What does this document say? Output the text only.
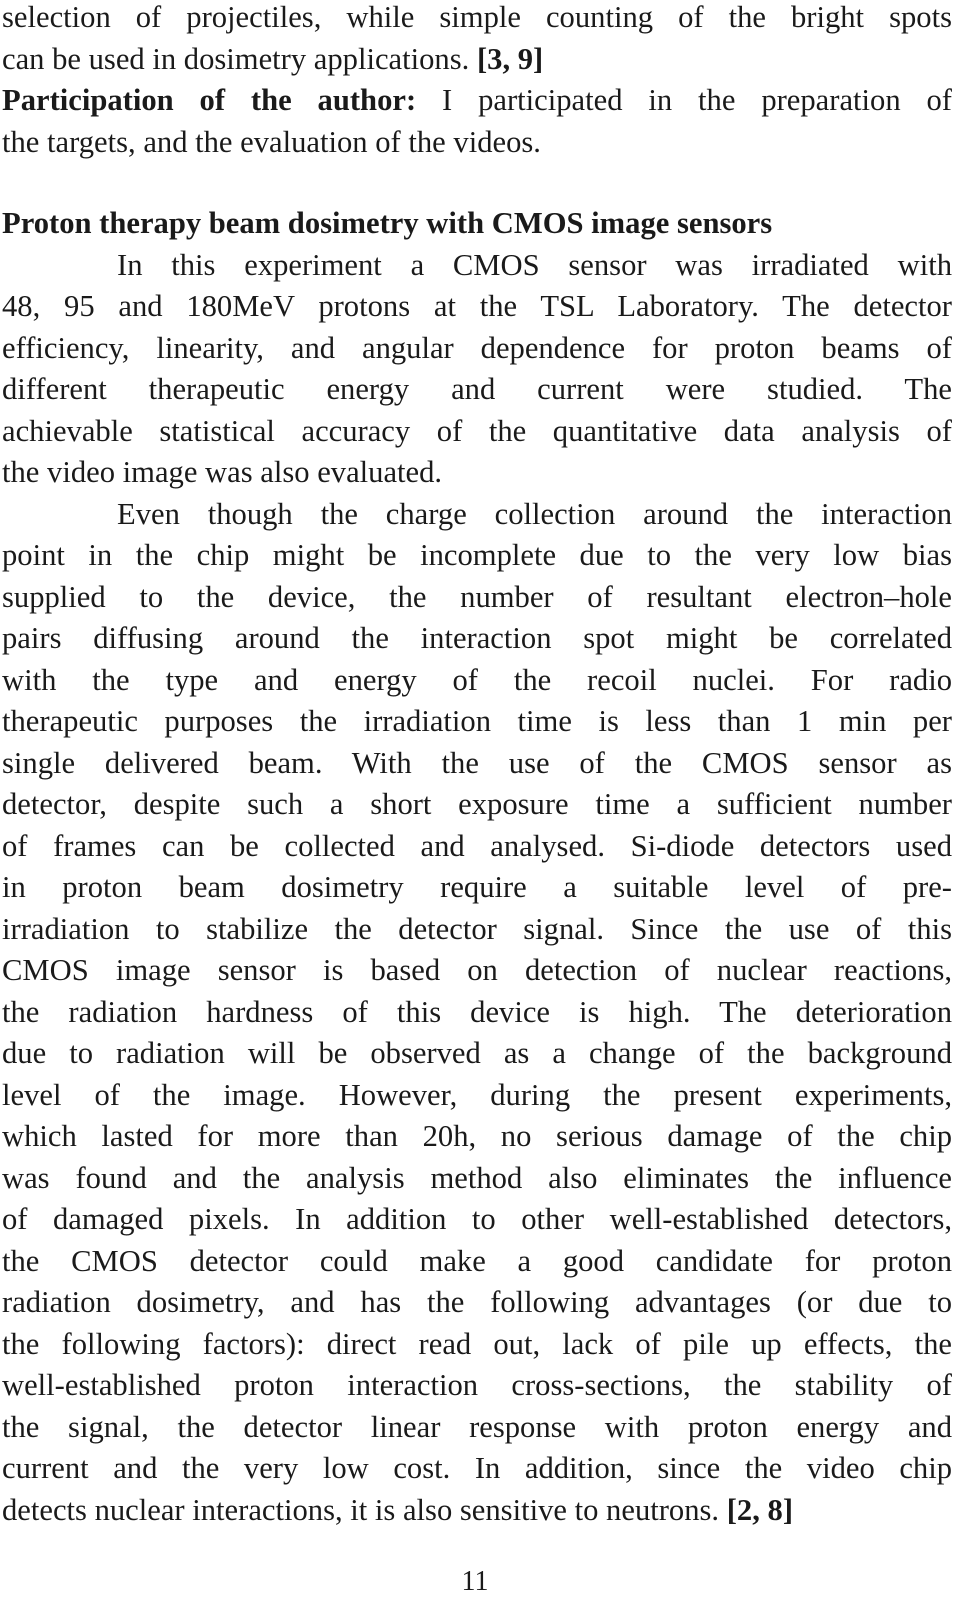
selection of projectiles, while simple counting of the bright spots
can be used in dosimetry applications. [3, 9]
Participation of the author: I participated in the preparation of
the targets, and the evaluation of the videos.
Proton therapy beam dosimetry with CMOS image sensors
In this experiment a CMOS sensor was irradiated with
48, 95 and 180MeV protons at the TSL Laboratory. The detector
efficiency, linearity, and angular dependence for proton beams of
different therapeutic energy and current were studied. The
achievable statistical accuracy of the quantitative data analysis of
the video image was also evaluated.
Even though the charge collection around the interaction
point in the chip might be incomplete due to the very low bias
supplied to the device, the number of resultant electron–hole
pairs diffusing around the interaction spot might be correlated
with the type and energy of the recoil nuclei. For radio
therapeutic purposes the irradiation time is less than 1 min per
single delivered beam. With the use of the CMOS sensor as
detector, despite such a short exposure time a sufficient number
of frames can be collected and analysed. Si-diode detectors used
in proton beam dosimetry require a suitable level of pre-
irradiation to stabilize the detector signal. Since the use of this
CMOS image sensor is based on detection of nuclear reactions,
the radiation hardness of this device is high. The deterioration
due to radiation will be observed as a change of the background
level of the image. However, during the present experiments,
which lasted for more than 20h, no serious damage of the chip
was found and the analysis method also eliminates the influence
of damaged pixels. In addition to other well-established detectors,
the CMOS detector could make a good candidate for proton
radiation dosimetry, and has the following advantages (or due to
the following factors): direct read out, lack of pile up effects, the
well-established proton interaction cross-sections, the stability of
the signal, the detector linear response with proton energy and
current and the very low cost. In addition, since the video chip
detects nuclear interactions, it is also sensitive to neutrons. [2, 8]
11
